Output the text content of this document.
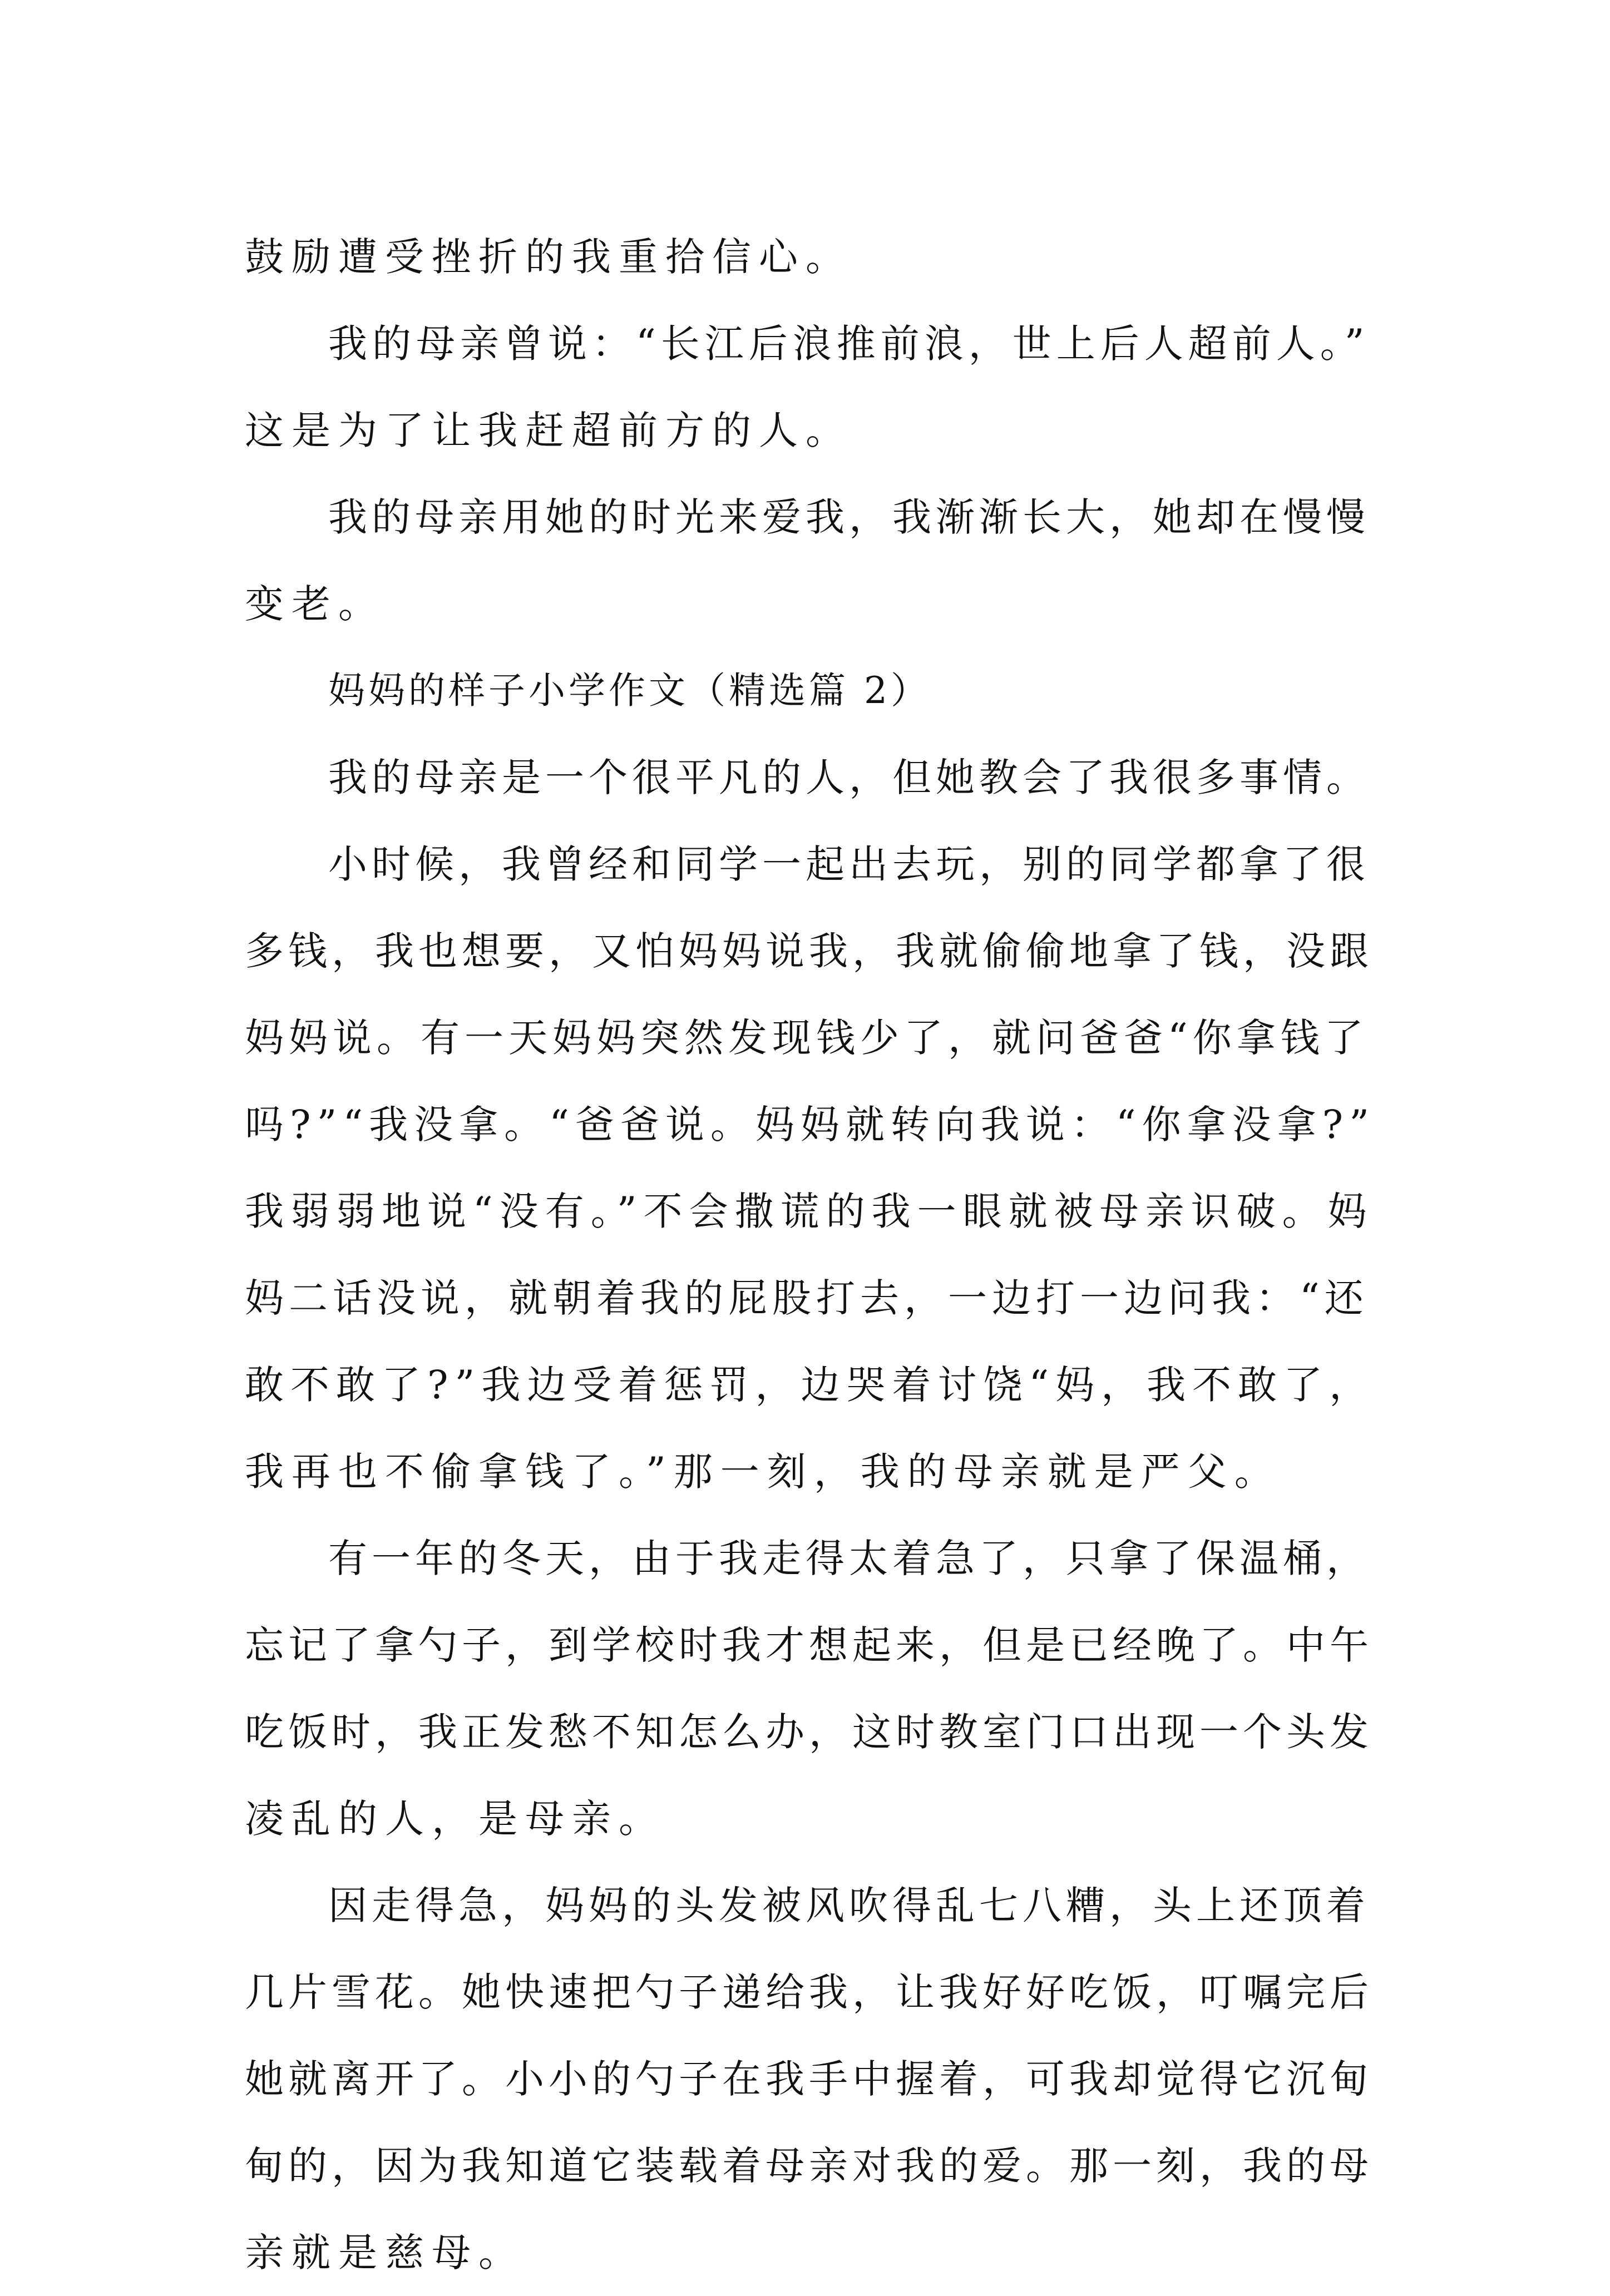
鼓励遭受挫折的我重拾信心。

我的母亲曾说：“长江后浪推前浪，世上后人超前人。”

这是为了让我赶超前方的人。

我的母亲用她的时光来爱我，我渐渐长大，她却在慢慢

变老。

妈妈的样子小学作文（精选篇 2）

我的母亲是一个很平凡的人，但她教会了我很多事情。

小时候，我曾经和同学一起出去玩，别的同学都拿了很

多钱，我也想要，又怕妈妈说我，我就偷偷地拿了钱，没跟

妈妈说。有一天妈妈突然发现钱少了，就问爸爸“你拿钱了

吗?”“我没拿。“爸爸说。妈妈就转向我说：“你拿没拿?”

我弱弱地说“没有。”不会撒谎的我一眼就被母亲识破。妈

妈二话没说，就朝着我的屁股打去，一边打一边问我：“还

敢不敢了?”我边受着惩罚，边哭着讨饶“妈，我不敢了，

我再也不偷拿钱了。”那一刻，我的母亲就是严父。

有一年的冬天，由于我走得太着急了，只拿了保温桶，

忘记了拿勺子，到学校时我才想起来，但是已经晚了。中午

吃饭时，我正发愁不知怎么办，这时教室门口出现一个头发

凌乱的人，是母亲。

因走得急，妈妈的头发被风吹得乱七八糟，头上还顶着

几片雪花。她快速把勺子递给我，让我好好吃饭，叮嘱完后

她就离开了。小小的勺子在我手中握着，可我却觉得它沉甸

甸的，因为我知道它装载着母亲对我的爱。那一刻，我的母

亲就是慈母。
